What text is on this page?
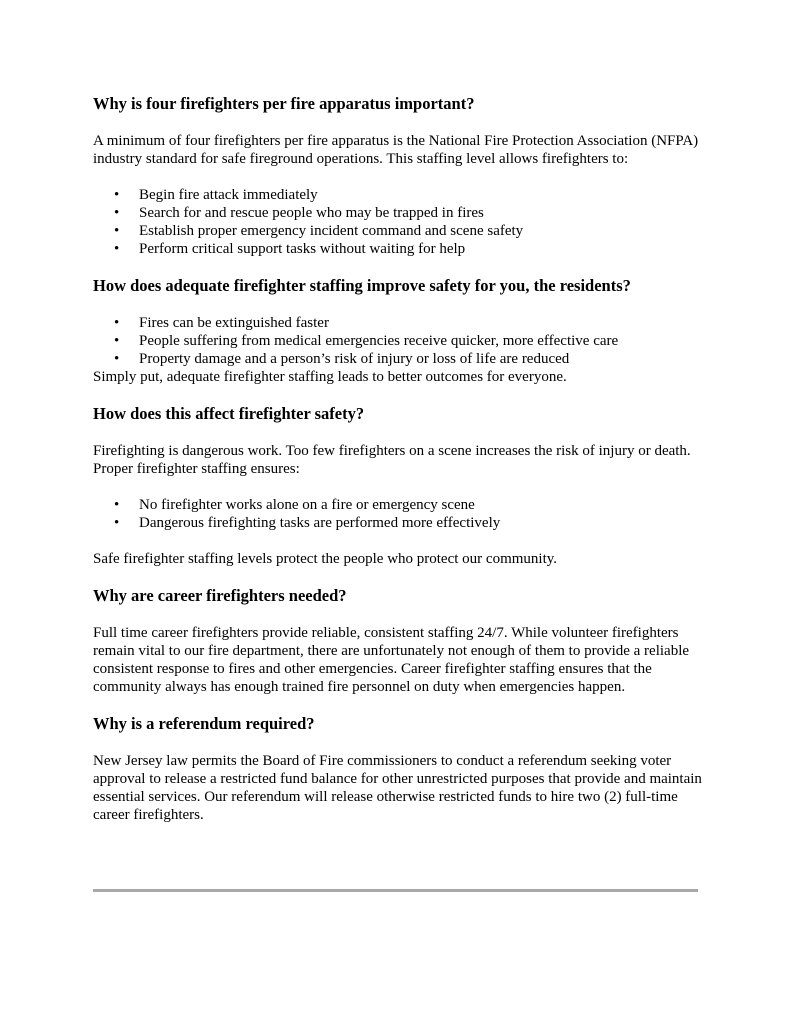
Why is four firefighters per fire apparatus important?

A minimum of four firefighters per fire apparatus is the National Fire Protection Association (NFPA) industry standard for safe fireground operations. This staffing level allows firefighters to:

• Begin fire attack immediately
• Search for and rescue people who may be trapped in fires
• Establish proper emergency incident command and scene safety
• Perform critical support tasks without waiting for help
How does adequate firefighter staffing improve safety for you, the residents?
• Fires can be extinguished faster
• People suffering from medical emergencies receive quicker, more effective care
• Property damage and a person’s risk of injury or loss of life are reduced

Simply put, adequate firefighter staffing leads to better outcomes for everyone.

How does this affect firefighter safety?

Firefighting is dangerous work. Too few firefighters on a scene increases the risk of injury or death. Proper firefighter staffing ensures:

• No firefighter works alone on a fire or emergency scene
• Dangerous firefighting tasks are performed more effectively

Safe firefighter staffing levels protect the people who protect our community.

Why are career firefighters needed?

Full time career firefighters provide reliable, consistent staffing 24/7. While volunteer firefighters remain vital to our fire department, there are unfortunately not enough of them to provide a reliable consistent response to fires and other emergencies. Career firefighter staffing ensures that the community always has enough trained fire personnel on duty when emergencies happen.

Why is a referendum required?

New Jersey law permits the Board of Fire commissioners to conduct a referendum seeking voter approval to release a restricted fund balance for other unrestricted purposes that provide and maintain essential services. Our referendum will release otherwise restricted funds to hire two (2) full-time career firefighters.
